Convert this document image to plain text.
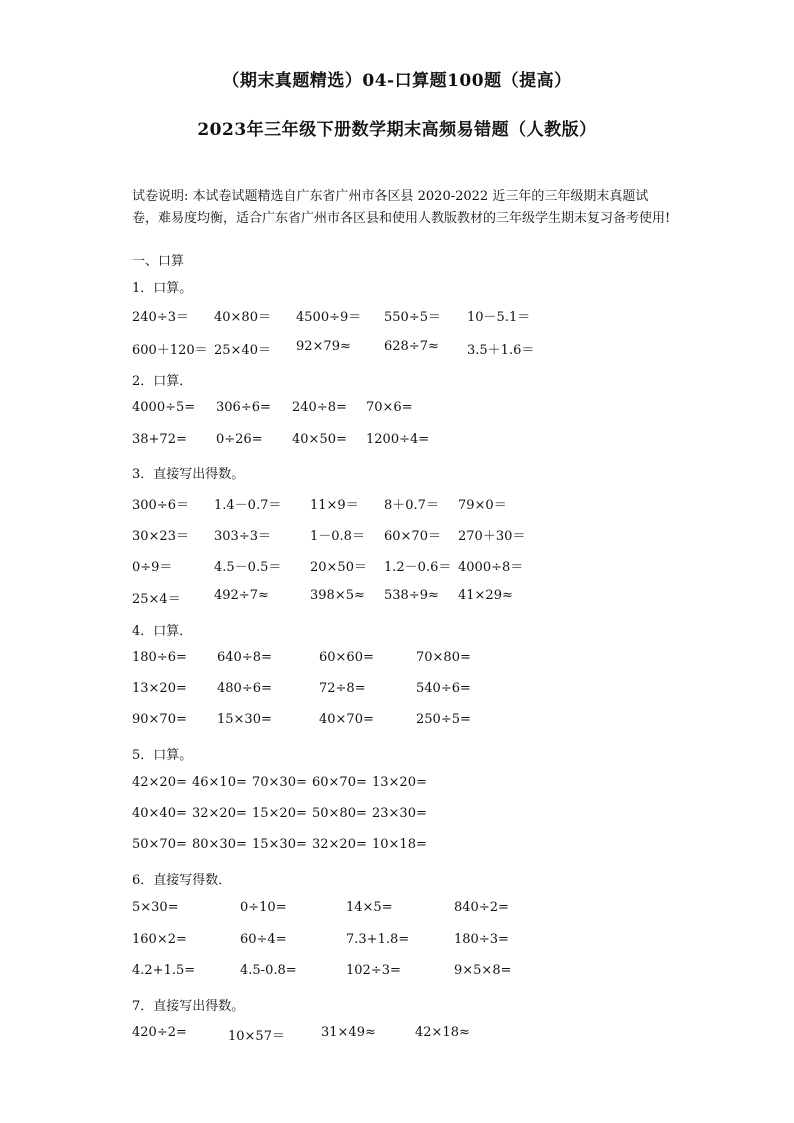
（期末真题精选）04-口算题100题（提高）
2023年三年级下册数学期末高频易错题（人教版）
试卷说明: 本试卷试题精选自广东省广州市各区县 2020-2022 近三年的三年级期末真题试卷，难易度均衡，适合广东省广州市各区县和使用人教版教材的三年级学生期末复习备考使用!
一、口算
1．口算。
240÷3＝ 40×80＝ 4500÷9＝ 550÷5＝ 10－5.1＝
600＋120＝ 25×40＝ 92×79≈	628÷7≈ 3.5＋1.6＝
2．口算．
4000÷5= 306÷6= 240÷8= 70×6=
38+72= 0÷26= 40×50= 1200÷4=
3．直接写出得数。
300÷6＝ 1.4－0.7＝ 11×9＝ 8＋0.7＝ 79×0＝
30×23＝ 303÷3＝	1－0.8＝ 60×70＝ 270＋30＝
0÷9＝	4.5－0.5＝ 20×50＝ 1.2－0.6＝ 4000÷8＝
25×4＝	492÷7≈	398×5≈ 538÷9≈ 41×29≈
4．口算．
180÷6= 640÷8=	60×60=	70×80=
13×20= 480÷6=	72÷8=	540÷6=
90×70= 15×30=	40×70=	250÷5=
5．口算。
42×20= 46×10= 70×30= 60×70= 13×20=
40×40= 32×20= 15×20= 50×80= 23×30=
50×70= 80×30= 15×30= 32×20= 10×18=
6．直接写得数．
5×30=	0÷10=	14×5=	840÷2=
160×2=	60÷4=	7.3+1.8=	180÷3=
4.2+1.5=	4.5-0.8=	102÷3=	9×5×8=
7．直接写出得数。
420÷2=	10×57＝	31×49≈	42×18≈
